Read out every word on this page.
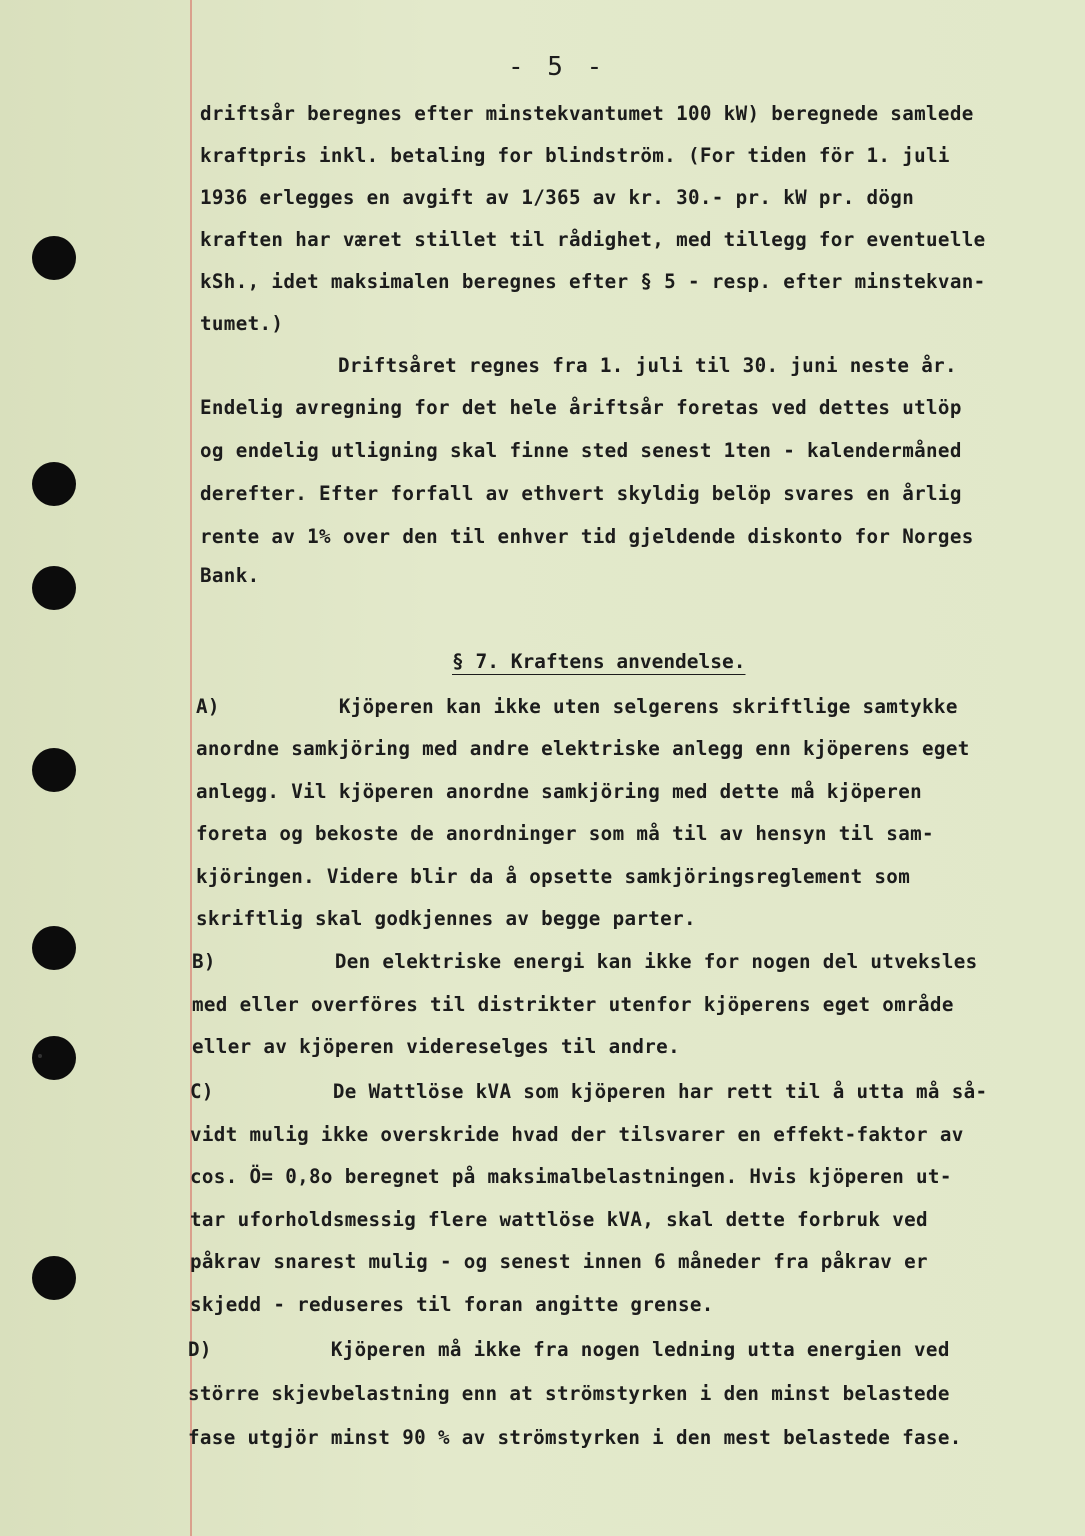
- 5 -
driftsår beregnes efter minstekvantumet 100 kW) beregnede samlede
kraftpris inkl. betaling for blindström. (For tiden för 1. juli
1936 erlegges en avgift av 1/365 av kr. 30.- pr. kW pr. dögn
kraften har været stillet til rådighet, med tillegg for eventuelle
kSh., idet maksimalen beregnes efter § 5 - resp. efter minstekvan-
tumet.)
Driftsåret regnes fra 1. juli til 30. juni neste år.
Endelig avregning for det hele åriftsår foretas ved dettes utlöp
og endelig utligning skal finne sted senest 1ten - kalendermåned
derefter. Efter forfall av ethvert skyldig belöp svares en årlig
rente av 1% over den til enhver tid gjeldende diskonto for Norges
Bank.
§ 7. Kraftens anvendelse.
A)          Kjöperen kan ikke uten selgerens skriftlige samtykke
anordne samkjöring med andre elektriske anlegg enn kjöperens eget
anlegg. Vil kjöperen anordne samkjöring med dette må kjöperen
foreta og bekoste de anordninger som må til av hensyn til sam-
kjöringen. Videre blir da å opsette samkjöringsreglement som
skriftlig skal godkjennes av begge parter.
B)          Den elektriske energi kan ikke for nogen del utveksles
med eller overföres til distrikter utenfor kjöperens eget område
eller av kjöperen videreselges til andre.
C)          De Wattlöse kVA som kjöperen har rett til å utta må så-
vidt mulig ikke overskride hvad der tilsvarer en effekt-faktor av
cos. Ö= 0,8o beregnet på maksimalbelastningen. Hvis kjöperen ut-
tar uforholdsmessig flere wattlöse kVA, skal dette forbruk ved
påkrav snarest mulig - og senest innen 6 måneder fra påkrav er
skjedd - reduseres til foran angitte grense.
D)          Kjöperen må ikke fra nogen ledning utta energien ved
större skjevbelastning enn at strömstyrken i den minst belastede
fase utgjör minst 90 % av strömstyrken i den mest belastede fase.
